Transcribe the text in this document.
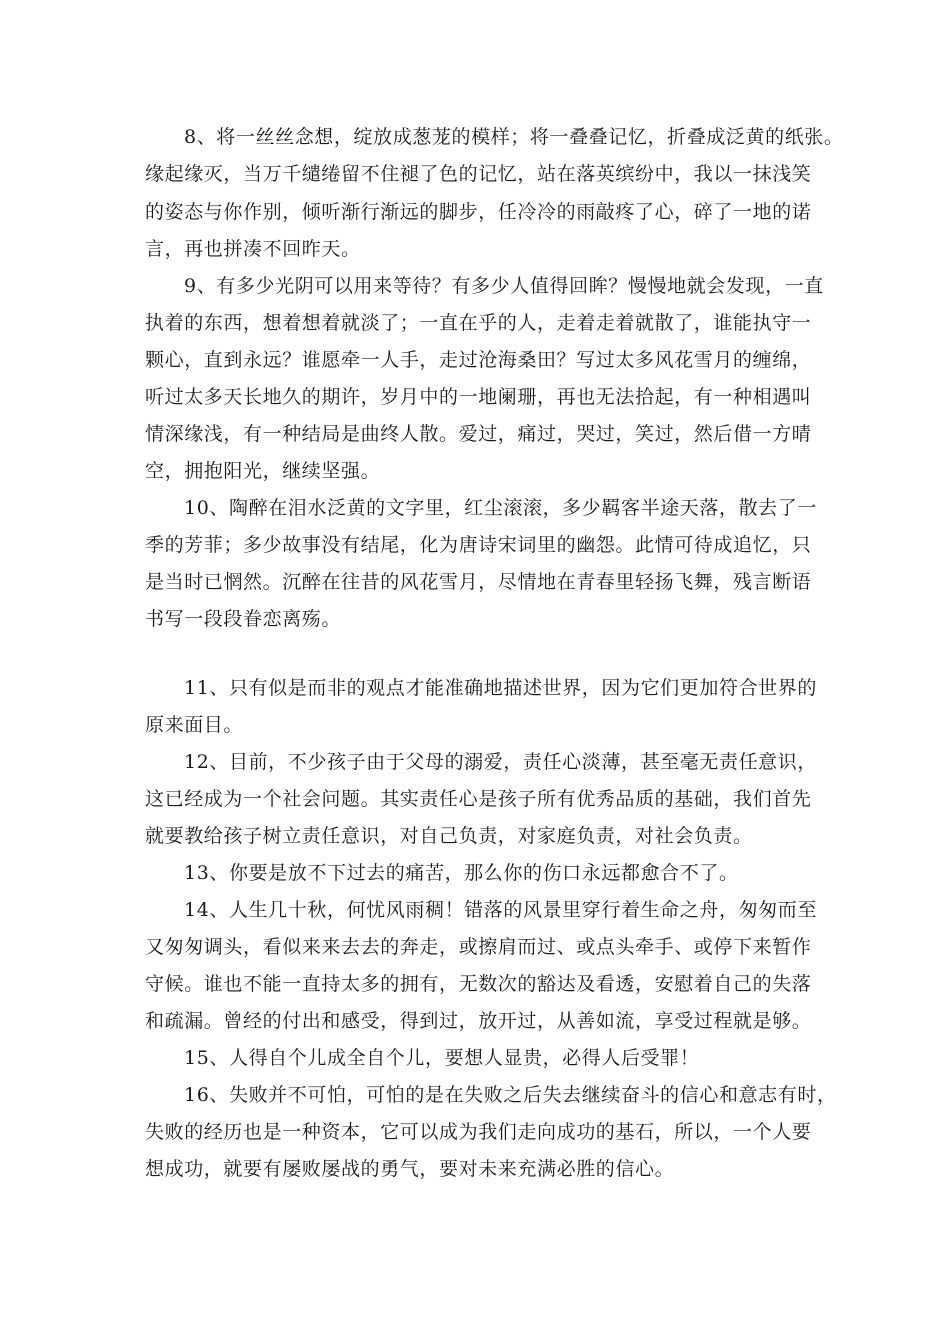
8、将一丝丝念想，绽放成葱茏的模样；将一叠叠记忆，折叠成泛黄的纸张。
缘起缘灭，当万千缱绻留不住褪了色的记忆，站在落英缤纷中，我以一抹浅笑
的姿态与你作别，倾听渐行渐远的脚步，任冷冷的雨敲疼了心，碎了一地的诺
言，再也拼凑不回昨天。
9、有多少光阴可以用来等待？有多少人值得回眸？慢慢地就会发现，一直
执着的东西，想着想着就淡了；一直在乎的人，走着走着就散了，谁能执守一
颗心，直到永远？谁愿牵一人手，走过沧海桑田？写过太多风花雪月的缠绵，
听过太多天长地久的期许，岁月中的一地阑珊，再也无法拾起，有一种相遇叫
情深缘浅，有一种结局是曲终人散。爱过，痛过，哭过，笑过，然后借一方晴
空，拥抱阳光，继续坚强。
10、陶醉在泪水泛黄的文字里，红尘滚滚，多少羁客半途天落，散去了一
季的芳菲；多少故事没有结尾，化为唐诗宋词里的幽怨。此情可待成追忆，只
是当时已惘然。沉醉在往昔的风花雪月，尽情地在青春里轻扬飞舞，残言断语
书写一段段眷恋离殇。
11、只有似是而非的观点才能准确地描述世界，因为它们更加符合世界的
原来面目。
12、目前，不少孩子由于父母的溺爱，责任心淡薄，甚至毫无责任意识，
这已经成为一个社会问题。其实责任心是孩子所有优秀品质的基础，我们首先
就要教给孩子树立责任意识，对自己负责，对家庭负责，对社会负责。
13、你要是放不下过去的痛苦，那么你的伤口永远都愈合不了。
14、人生几十秋，何忧风雨稠！错落的风景里穿行着生命之舟，匆匆而至
又匆匆调头，看似来来去去的奔走，或擦肩而过、或点头牵手、或停下来暂作
守候。谁也不能一直持太多的拥有，无数次的豁达及看透，安慰着自己的失落
和疏漏。曾经的付出和感受，得到过，放开过，从善如流，享受过程就是够。
15、人得自个儿成全自个儿，要想人显贵，必得人后受罪！
16、失败并不可怕，可怕的是在失败之后失去继续奋斗的信心和意志有时，
失败的经历也是一种资本，它可以成为我们走向成功的基石，所以，一个人要
想成功，就要有屡败屡战的勇气，要对未来充满必胜的信心。
